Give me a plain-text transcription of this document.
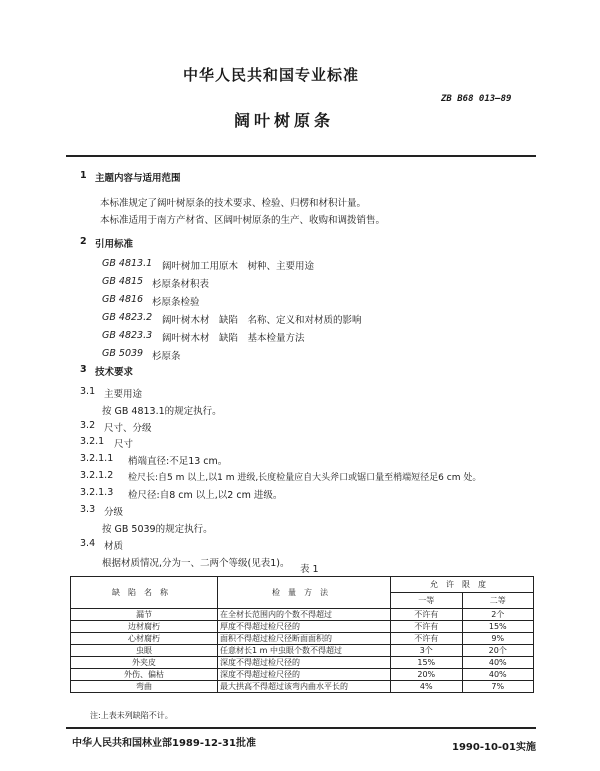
中华人民共和国专业标准
ZB B68 013—89
阔叶树原条
1 主题内容与适用范围
本标准规定了阔叶树原条的技术要求、检验、归楞和材积计量。
本标准适用于南方产材省、区阔叶树原条的生产、收购和调拨销售。
2 引用标准
GB 4813.1 阔叶树加工用原木　树种、主要用途
GB 4815 杉原条材积表
GB 4816 杉原条检验
GB 4823.2 阔叶树木材　缺陷　名称、定义和对材质的影响
GB 4823.3 阔叶树木材　缺陷　基本检量方法
GB 5039 杉原条
3 技术要求
3.1 主要用途
按 GB 4813.1的规定执行。
3.2 尺寸、分级
3.2.1 尺寸
3.2.1.1 梢端直径:不足13 cm。
3.2.1.2 检尺长:自5 m 以上,以1 m 进级,长度检量应自大头斧口或锯口量至梢端短径足6 cm 处。
3.2.1.3 检尺径:自8 cm 以上,以2 cm 进级。
3.3 分级
按 GB 5039的规定执行。
3.4 材质
根据材质情况,分为一、二两个等级(见表1)。
表 1
缺陷名称	检量方法	允许限度	
		一等	二等
漏节	在全材长范围内的个数不得超过	不许有	2个
边材腐朽	厚度不得超过检尺径的	不许有	15%
心材腐朽	面积不得超过检尺径断面面积的	不许有	9%
虫眼	任意材长1 m 中虫眼个数不得超过	3个	20个
外夹皮	深度不得超过检尺径的	15%	40%
外伤、偏枯	深度不得超过检尺径的	20%	40%
弯曲	最大拱高不得超过该弯内曲水平长的	4%	7%
注:上表未列缺陷不计。
中华人民共和国林业部1989-12-31批准	1990-10-01实施
